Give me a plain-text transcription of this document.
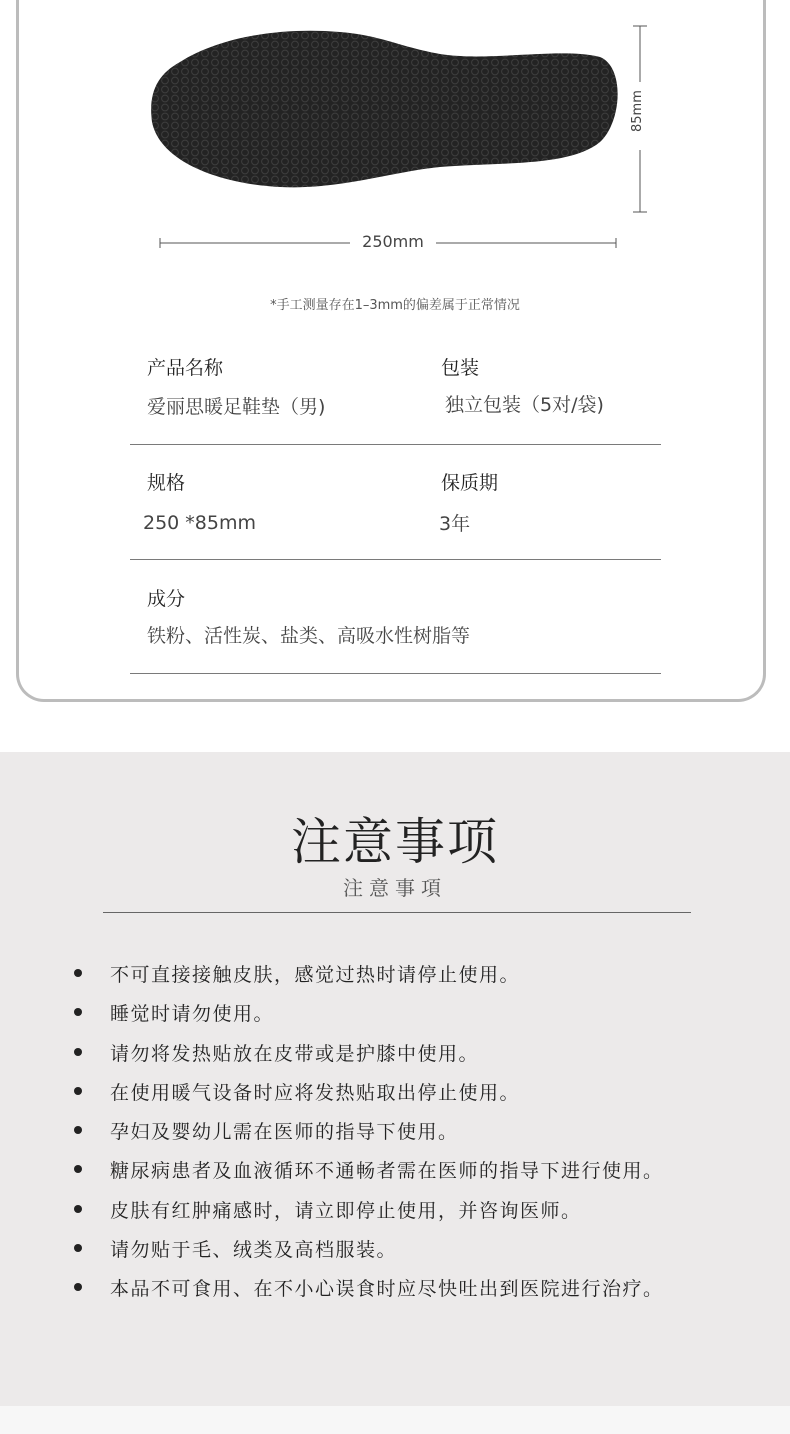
85mm
250mm
*手工测量存在1–3mm的偏差属于正常情况
产品名称
爱丽思暖足鞋垫（男)
包装
独立包装（5对/袋)
规格
250 *85mm
保质期
3年
成分
铁粉、活性炭、盐类、高吸水性树脂等
注意事项
注意事項
不可直接接触皮肤，感觉过热时请停止使用。
睡觉时请勿使用。
请勿将发热贴放在皮带或是护膝中使用。
在使用暖气设备时应将发热贴取出停止使用。
孕妇及婴幼儿需在医师的指导下使用。
糖尿病患者及血液循环不通畅者需在医师的指导下进行使用。
皮肤有红肿痛感时，请立即停止使用，并咨询医师。
请勿贴于毛、绒类及高档服装。
本品不可食用、在不小心误食时应尽快吐出到医院进行治疗。
